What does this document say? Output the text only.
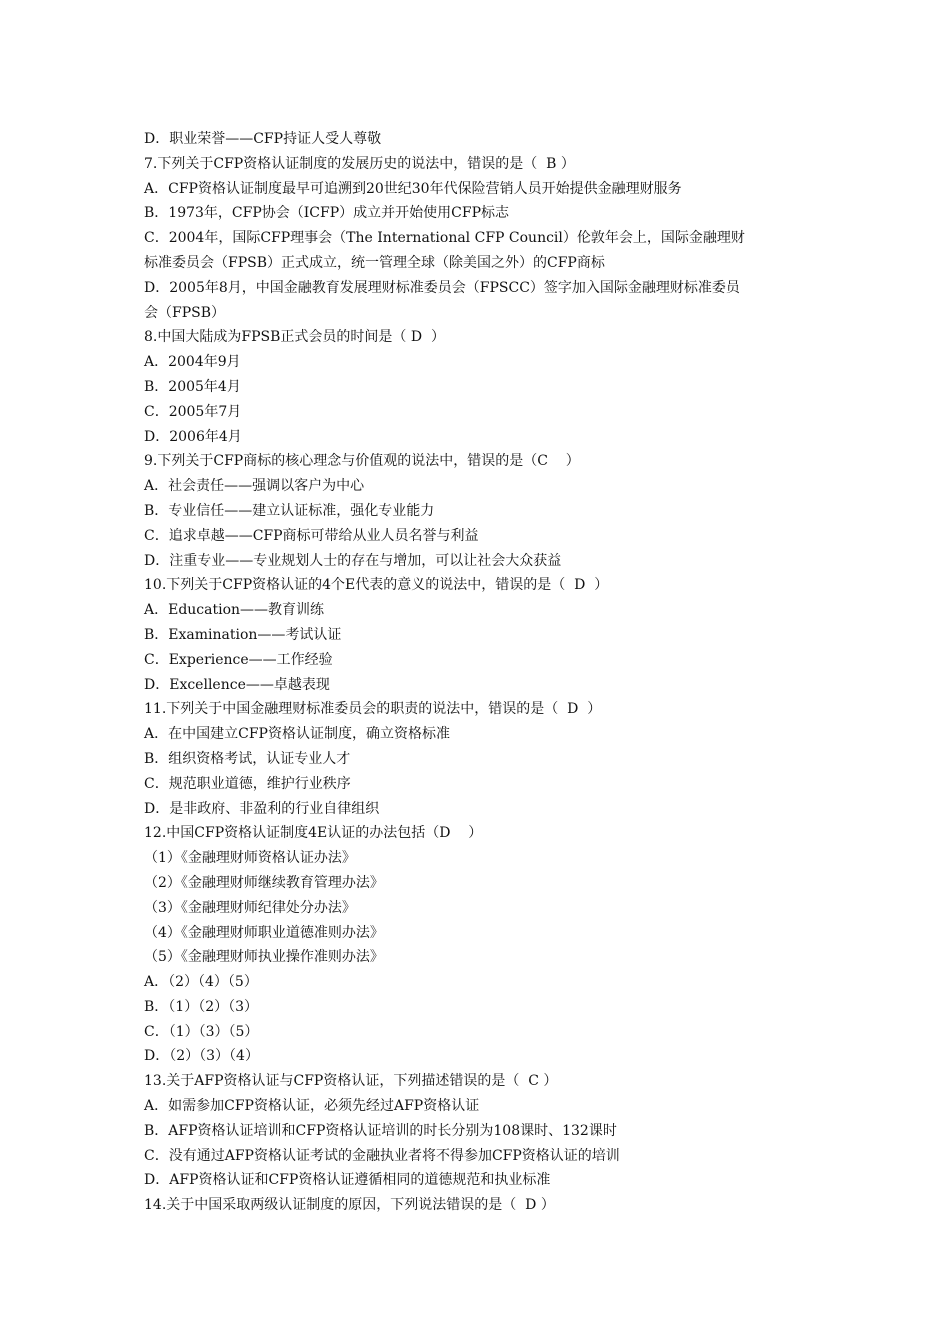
D．职业荣誉——CFP持证人受人尊敬
7.下列关于CFP资格认证制度的发展历史的说法中，错误的是（  B ）
A．CFP资格认证制度最早可追溯到20世纪30年代保险营销人员开始提供金融理财服务
B．1973年，CFP协会（ICFP）成立并开始使用CFP标志
C．2004年，国际CFP理事会（The International CFP Council）伦敦年会上，国际金融理财
标准委员会（FPSB）正式成立，统一管理全球（除美国之外）的CFP商标
D．2005年8月，中国金融教育发展理财标准委员会（FPSCC）签字加入国际金融理财标准委员
会（FPSB）
8.中国大陆成为FPSB正式会员的时间是（ D  ）
A．2004年9月
B．2005年4月
C．2005年7月
D．2006年4月
9.下列关于CFP商标的核心理念与价值观的说法中，错误的是（C    ）
A．社会责任——强调以客户为中心
B．专业信任——建立认证标准，强化专业能力
C．追求卓越——CFP商标可带给从业人员名誉与利益
D．注重专业——专业规划人士的存在与增加，可以让社会大众获益
10.下列关于CFP资格认证的4个E代表的意义的说法中，错误的是（  D  ）
A．Education——教育训练
B．Examination——考试认证
C．Experience——工作经验
D．Excellence——卓越表现
11.下列关于中国金融理财标准委员会的职责的说法中，错误的是（  D  ）
A．在中国建立CFP资格认证制度，确立资格标准
B．组织资格考试，认证专业人才
C．规范职业道德，维护行业秩序
D．是非政府、非盈利的行业自律组织
12.中国CFP资格认证制度4E认证的办法包括（D    ）
（1）《金融理财师资格认证办法》
（2）《金融理财师继续教育管理办法》
（3）《金融理财师纪律处分办法》
（4）《金融理财师职业道德准则办法》
（5）《金融理财师执业操作准则办法》
A．（2）（4）（5）
B．（1）（2）（3）
C．（1）（3）（5）
D．（2）（3）（4）
13.关于AFP资格认证与CFP资格认证，下列描述错误的是（  C ）
A．如需参加CFP资格认证，必须先经过AFP资格认证
B．AFP资格认证培训和CFP资格认证培训的时长分别为108课时、132课时
C．没有通过AFP资格认证考试的金融执业者将不得参加CFP资格认证的培训
D．AFP资格认证和CFP资格认证遵循相同的道德规范和执业标准
14.关于中国采取两级认证制度的原因，下列说法错误的是（  D ）
